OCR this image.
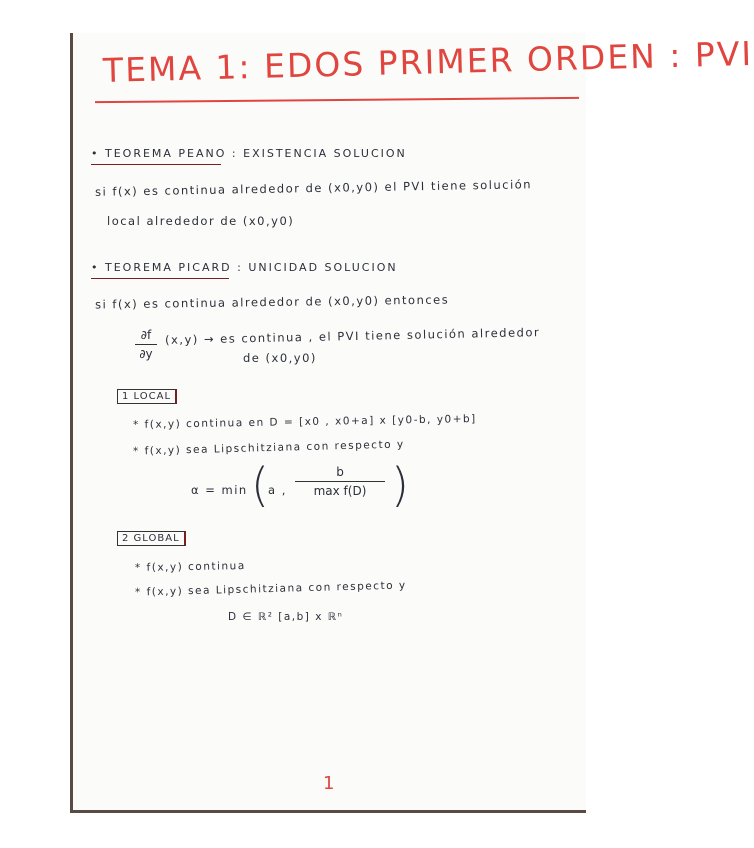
TEMA 1: EDOS PRIMER ORDEN : PVI
• TEOREMA PEANO : EXISTENCIA SOLUCION
si f(x) es continua alrededor de (x0,y0) el PVI tiene solución
local alrededor de (x0,y0)
• TEOREMA PICARD : UNICIDAD SOLUCION
si f(x) es continua alrededor de (x0,y0) entonces
∂f
∂y
(x,y) → es continua , el PVI tiene solución alrededor
de (x0,y0)
1 LOCAL
* f(x,y) continua en D = [x0 , x0+a] x [y0-b, y0+b]
* f(x,y) sea Lipschitziana con respecto y
α = min ( a ,
b
max f(D) )
2 GLOBAL
* f(x,y) continua
* f(x,y) sea Lipschitziana con respecto y
D ∈ ℝ² [a,b] x ℝⁿ
1
